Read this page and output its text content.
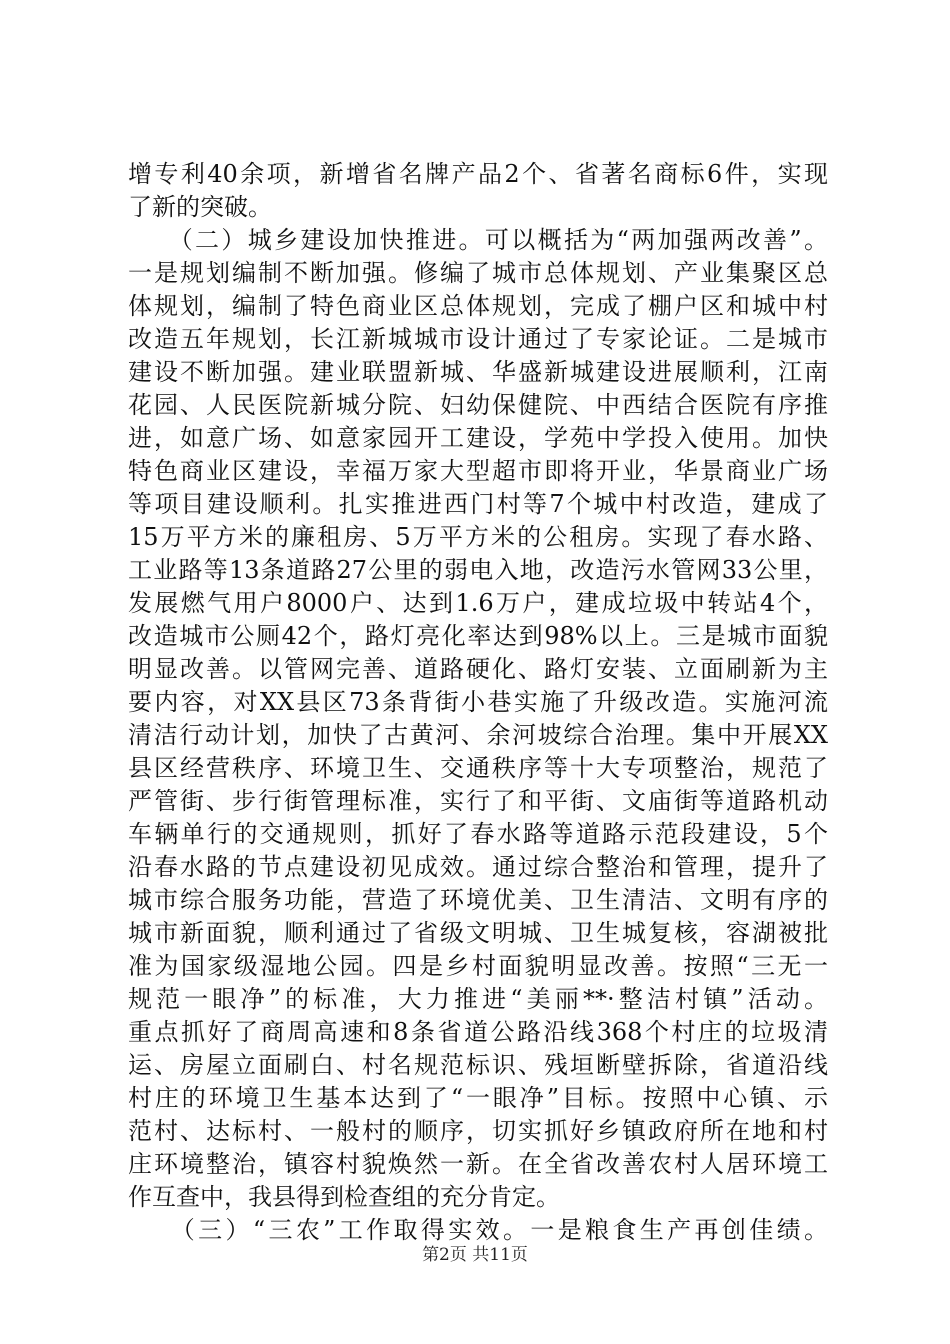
增专利40余项，新增省名牌产品2个、省著名商标6件，实现
了新的突破。
　　（二）城乡建设加快推进。可以概括为“两加强两改善”。
一是规划编制不断加强。修编了城市总体规划、产业集聚区总
体规划，编制了特色商业区总体规划，完成了棚户区和城中村
改造五年规划，长江新城城市设计通过了专家论证。二是城市
建设不断加强。建业联盟新城、华盛新城建设进展顺利，江南
花园、人民医院新城分院、妇幼保健院、中西结合医院有序推
进，如意广场、如意家园开工建设，学苑中学投入使用。加快
特色商业区建设，幸福万家大型超市即将开业，华景商业广场
等项目建设顺利。扎实推进西门村等7个城中村改造，建成了
15万平方米的廉租房、5万平方米的公租房。实现了春水路、
工业路等13条道路27公里的弱电入地，改造污水管网33公里，
发展燃气用户8000户、达到1.6万户，建成垃圾中转站4个，
改造城市公厕42个，路灯亮化率达到98%以上。三是城市面貌
明显改善。以管网完善、道路硬化、路灯安装、立面刷新为主
要内容，对XX县区73条背街小巷实施了升级改造。实施河流
清洁行动计划，加快了古黄河、余河坡综合治理。集中开展XX
县区经营秩序、环境卫生、交通秩序等十大专项整治，规范了
严管街、步行街管理标准，实行了和平街、文庙街等道路机动
车辆单行的交通规则，抓好了春水路等道路示范段建设，5个
沿春水路的节点建设初见成效。通过综合整治和管理，提升了
城市综合服务功能，营造了环境优美、卫生清洁、文明有序的
城市新面貌，顺利通过了省级文明城、卫生城复核，容湖被批
准为国家级湿地公园。四是乡村面貌明显改善。按照“三无一
规范一眼净”的标准，大力推进“美丽**·整洁村镇”活动。
重点抓好了商周高速和8条省道公路沿线368个村庄的垃圾清
运、房屋立面刷白、村名规范标识、残垣断壁拆除，省道沿线
村庄的环境卫生基本达到了“一眼净”目标。按照中心镇、示
范村、达标村、一般村的顺序，切实抓好乡镇政府所在地和村
庄环境整治，镇容村貌焕然一新。在全省改善农村人居环境工
作互查中，我县得到检查组的充分肯定。
　　（三）“三农”工作取得实效。一是粮食生产再创佳绩。
第2页 共11页
